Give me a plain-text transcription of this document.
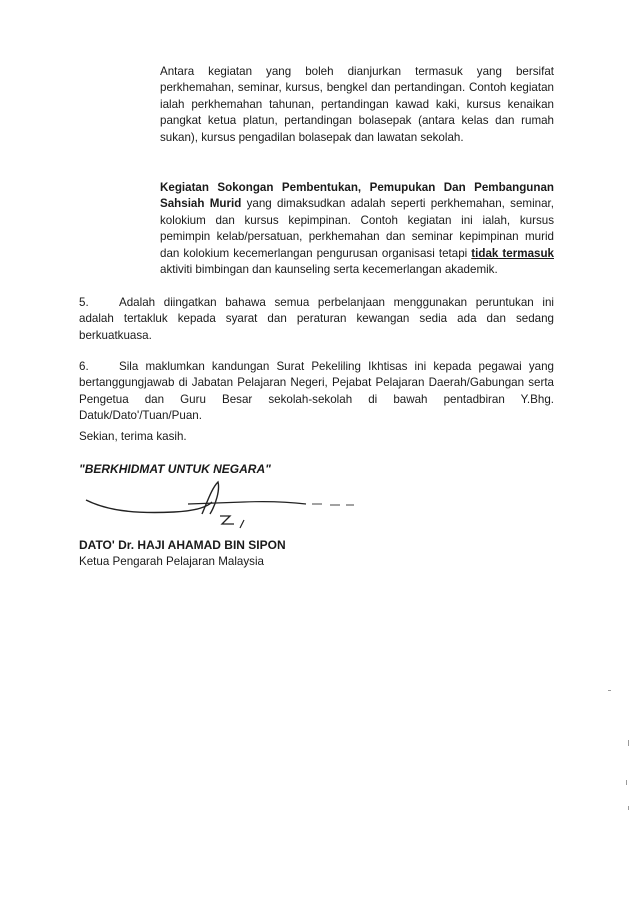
Antara kegiatan yang boleh dianjurkan termasuk yang bersifat perkhemahan, seminar, kursus, bengkel dan pertandingan. Contoh kegiatan ialah perkhemahan tahunan, pertandingan kawad kaki, kursus kenaikan pangkat ketua platun, pertandingan bolasepak (antara kelas dan rumah sukan), kursus pengadilan bolasepak dan lawatan sekolah.

Kegiatan Sokongan Pembentukan, Pemupukan Dan Pembangunan Sahsiah Murid yang dimaksudkan adalah seperti perkhemahan, seminar, kolokium dan kursus kepimpinan. Contoh kegiatan ini ialah, kursus pemimpin kelab/persatuan, perkhemahan dan seminar kepimpinan murid dan kolokium kecemerlangan pengurusan organisasi tetapi tidak termasuk aktiviti bimbingan dan kaunseling serta kecemerlangan akademik.

5.	Adalah diingatkan bahawa semua perbelanjaan menggunakan peruntukan ini adalah tertakluk kepada syarat dan peraturan kewangan sedia ada dan sedang berkuatkuasa.

6.	Sila maklumkan kandungan Surat Pekeliling Ikhtisas ini kepada pegawai yang bertanggungjawab di Jabatan Pelajaran Negeri, Pejabat Pelajaran Daerah/Gabungan serta Pengetua dan Guru Besar sekolah-sekolah di bawah pentadbiran Y.Bhg. Datuk/Dato'/Tuan/Puan.

Sekian, terima kasih.

"BERKHIDMAT UNTUK NEGARA"
DATO' Dr. HAJI AHAMAD BIN SIPON
Ketua Pengarah Pelajaran Malaysia
